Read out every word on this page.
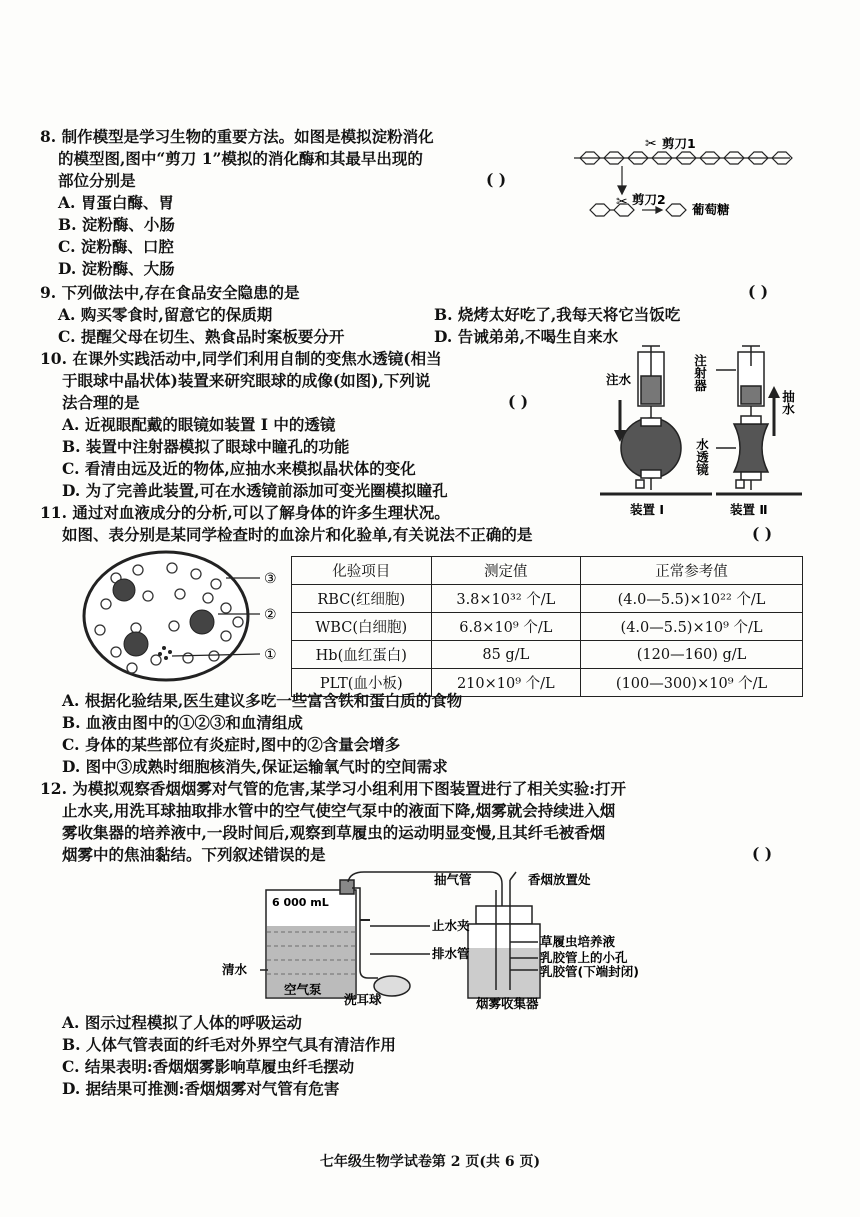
8. 制作模型是学习生物的重要方法。如图是模拟淀粉消化
的模型图,图中“剪刀 1”模拟的消化酶和其最早出现的
部位分别是	( )
A. 胃蛋白酶、胃
B. 淀粉酶、小肠
C. 淀粉酶、口腔
D. 淀粉酶、大肠
✂ 剪刀1
✂ 剪刀2
葡萄糖
9. 下列做法中,存在食品安全隐患的是	( )
A. 购买零食时,留意它的保质期	B. 烧烤太好吃了,我每天将它当饭吃
C. 提醒父母在切生、熟食品时案板要分开	D. 告诫弟弟,不喝生自来水
10. 在课外实践活动中,同学们利用自制的变焦水透镜(相当
于眼球中晶状体)装置来研究眼球的成像(如图),下列说
法合理的是	( )
A. 近视眼配戴的眼镜如装置 Ⅰ 中的透镜
B. 装置中注射器模拟了眼球中瞳孔的功能
C. 看清由远及近的物体,应抽水来模拟晶状体的变化
D. 为了完善此装置,可在水透镜前添加可变光圈模拟瞳孔
注水	注射器
抽水
水透镜
装置 Ⅰ	装置 Ⅱ
11. 通过对血液成分的分析,可以了解身体的许多生理状况。
如图、表分别是某同学检查时的血涂片和化验单,有关说法不正确的是	( )
③
②
①
化验项目	测定值	正常参考值
RBC(红细胞)	3.8×10³² 个/L	(4.0—5.5)×10²² 个/L
WBC(白细胞)	6.8×10⁹ 个/L	(4.0—5.5)×10⁹ 个/L
Hb(血红蛋白)	85 g/L	(120—160) g/L
PLT(血小板)	210×10⁹ 个/L	(100—300)×10⁹ 个/L
A. 根据化验结果,医生建议多吃一些富含铁和蛋白质的食物
B. 血液由图中的①②③和血清组成
C. 身体的某些部位有炎症时,图中的②含量会增多
D. 图中③成熟时细胞核消失,保证运输氧气时的空间需求
12. 为模拟观察香烟烟雾对气管的危害,某学习小组利用下图装置进行了相关实验:打开
止水夹,用洗耳球抽取排水管中的空气使空气泵中的液面下降,烟雾就会持续进入烟
雾收集器的培养液中,一段时间后,观察到草履虫的运动明显变慢,且其纤毛被香烟
烟雾中的焦油黏结。下列叙述错误的是	( )
6 000 mL
止水夹
排水管
清水
空气泵
洗耳球
抽气管	香烟放置处
草履虫培养液
乳胶管上的小孔
乳胶管(下端封闭)
烟雾收集器
A. 图示过程模拟了人体的呼吸运动
B. 人体气管表面的纤毛对外界空气具有清洁作用
C. 结果表明:香烟烟雾影响草履虫纤毛摆动
D. 据结果可推测:香烟烟雾对气管有危害
七年级生物学试卷第 2 页(共 6 页)
